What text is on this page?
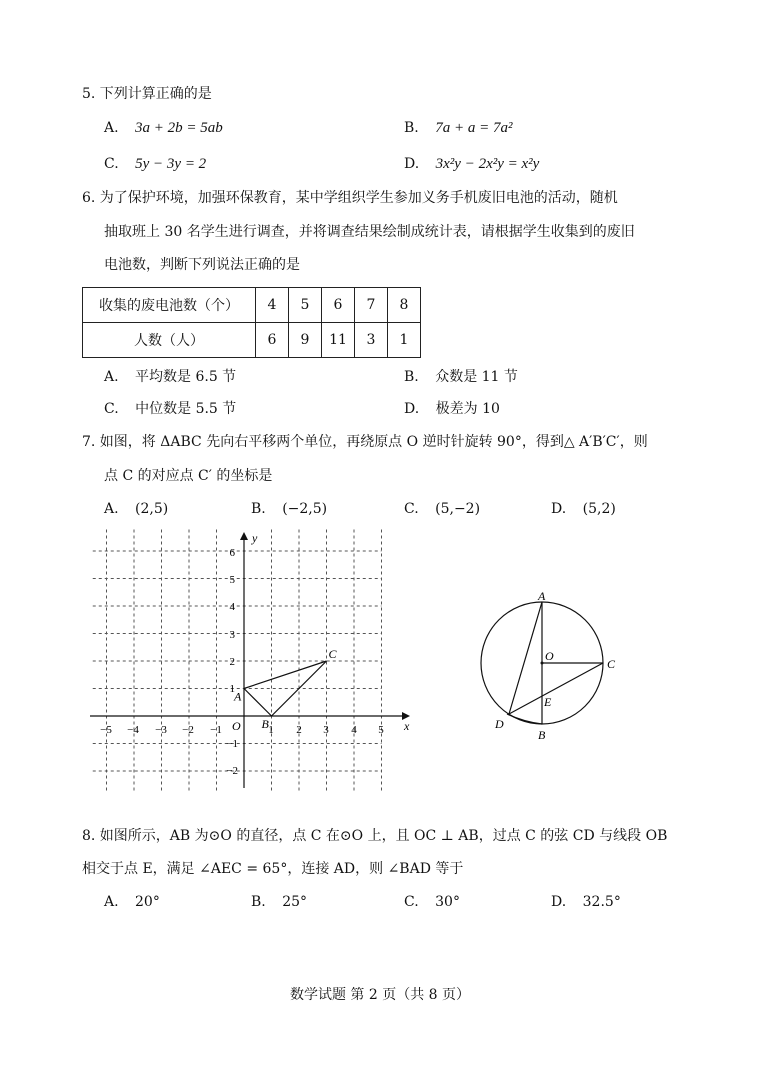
5. 下列计算正确的是
A. 3a + 2b = 5ab	B. 7a + a = 7a²
C. 5y − 3y = 2	D. 3x²y − 2x²y = x²y
6. 为了保护环境，加强环保教育，某中学组织学生参加义务手机废旧电池的活动，随机
抽取班上 30 名学生进行调查，并将调查结果绘制成统计表，请根据学生收集到的废旧
电池数，判断下列说法正确的是
收集的废电池数（个）	4	5	6	7	8
人数（人）	6	9	11	3	1
A. 平均数是 6.5 节	B. 众数是 11 节
C. 中位数是 5.5 节	D. 极差为 10
7. 如图，将 ΔABC 先向右平移两个单位，再绕原点 O 逆时针旋转 90°，得到△ A′B′C′，则
点 C 的对应点 C′ 的坐标是
A. (2,5)	B. (−2,5)	C. (5,−2)	D. (5,2)
x
y
O
−5 −4 −3 −2 −1	1 2 3 4 5
6
5
4
3
2
1
−1
−2
A
B
C
A
O
C
E
D
B
8. 如图所示，AB 为⊙O 的直径，点 C 在⊙O 上，且 OC ⊥ AB，过点 C 的弦 CD 与线段 OB
相交于点 E，满足 ∠AEC = 65°，连接 AD，则 ∠BAD 等于
A. 20°	B. 25°	C. 30°	D. 32.5°
数学试题 第 2 页（共 8 页）
